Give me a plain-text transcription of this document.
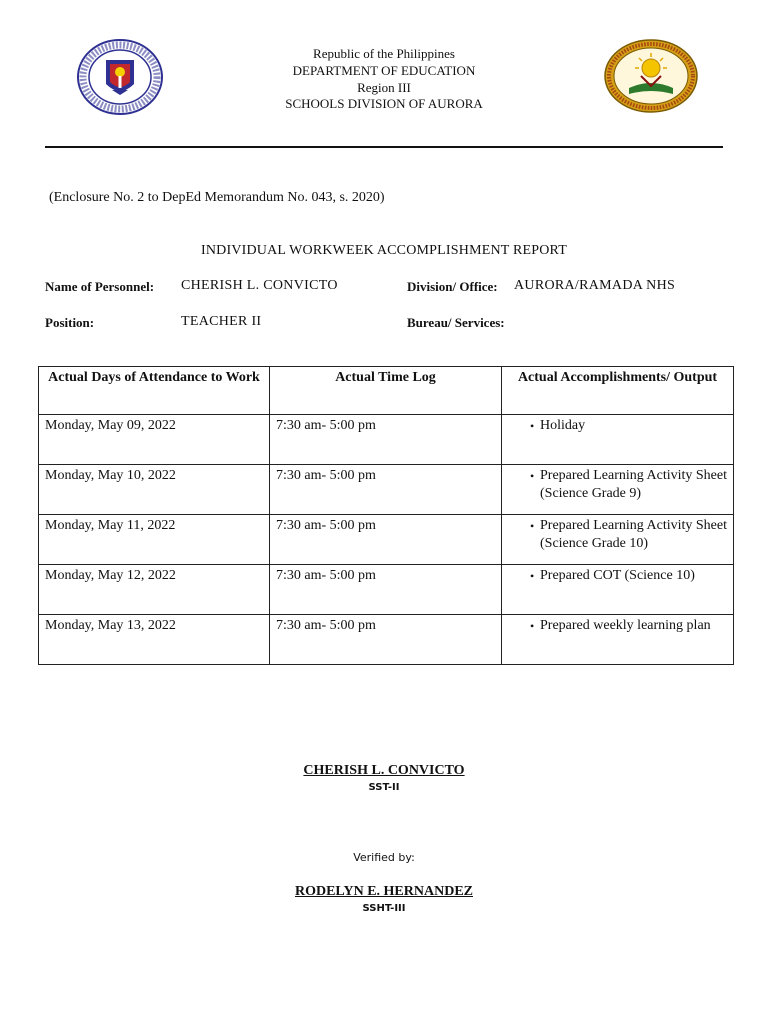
Republic of the Philippines
DEPARTMENT OF EDUCATION
Region III
SCHOOLS DIVISION OF AURORA
(Enclosure No. 2 to DepEd Memorandum No. 043, s. 2020)
INDIVIDUAL WORKWEEK ACCOMPLISHMENT REPORT
Name of Personnel: CHERISH L. CONVICTO	Division/ Office: AURORA/RAMADA NHS
Position:	TEACHER II	Bureau/ Services:
Actual Days of Attendance to Work	Actual Time Log	Actual Accomplishments/ Output
Monday, May 09, 2022	7:30 am- 5:00 pm	• Holiday

Monday, May 10, 2022	7:30 am- 5:00 pm	• Prepared Learning Activity Sheet (Science Grade 9)

Monday, May 11, 2022	7:30 am- 5:00 pm	• Prepared Learning Activity Sheet (Science Grade 10)

Monday, May 12, 2022	7:30 am- 5:00 pm	• Prepared COT (Science 10)

Monday, May 13, 2022	7:30 am- 5:00 pm	• Prepared weekly learning plan
CHERISH L. CONVICTO
SST-II
Verified by:
RODELYN E. HERNANDEZ
SSHT-III
